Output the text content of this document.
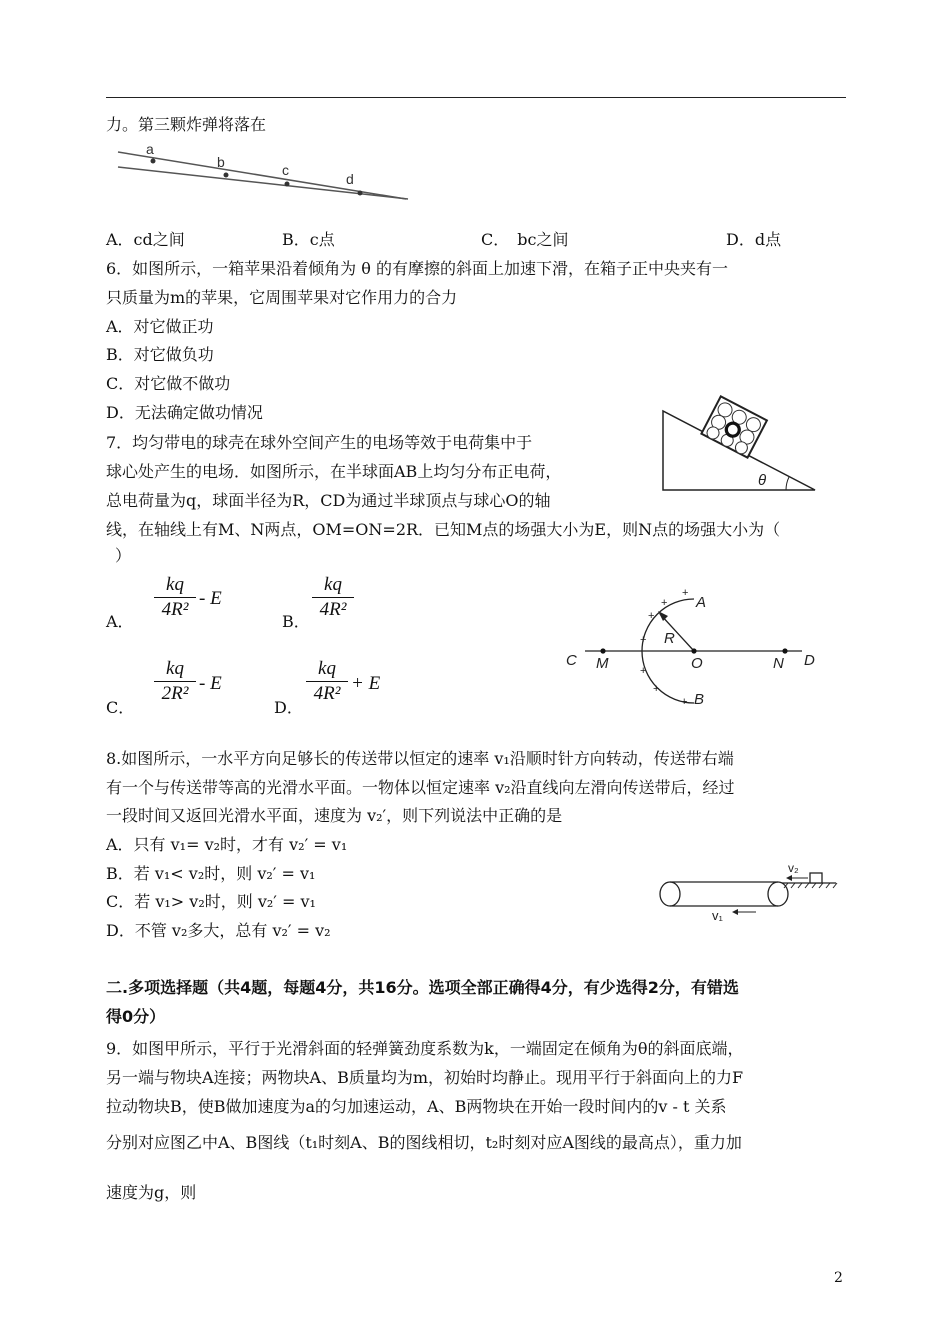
力。第三颗炸弹将落在
a
b	c
d
A．cd之间	B．c点	C．　bc之间	D．d点
6．如图所示，一箱苹果沿着倾角为 θ 的有摩擦的斜面上加速下滑，在箱子正中央夹有一
只质量为m的苹果，它周围苹果对它作用力的合力
A．对它做正功
B．对它做负功
C．对它做不做功
D．无法确定做功情况
θ
7．均匀带电的球壳在球外空间产生的电场等效于电荷集中于
球心处产生的电场．如图所示，在半球面AB上均匀分布正电荷，
总电荷量为q，球面半径为R，CD为通过半球顶点与球心O的轴
线，在轴线上有M、N两点，OM=ON=2R．已知M点的场强大小为E，则N点的场强大小为（
）
A．
kq
4R²
- E
B．
kq
4R²
C．
kq
2R² - E
D．
kq
4R² + E
A
B
C	D
M	O	N
R
+
+
+
+
+
+
+
8.如图所示，一水平方向足够长的传送带以恒定的速率 v₁沿顺时针方向转动，传送带右端
有一个与传送带等高的光滑水平面。一物体以恒定速率 v₂沿直线向左滑向传送带后，经过
一段时间又返回光滑水平面，速度为 v₂′，则下列说法中正确的是
A．只有 v₁= v₂时，才有 v₂′ = v₁
B．若 v₁< v₂时，则 v₂′ = v₁
C．若 v₁> v₂时，则 v₂′ = v₁
D．不管 v₂多大，总有 v₂′ = v₂
v₂
v₁
二.多项选择题（共4题，每题4分，共16分。选项全部正确得4分，有少选得2分，有错选
得0分）
9．如图甲所示，平行于光滑斜面的轻弹簧劲度系数为k，一端固定在倾角为θ的斜面底端，
另一端与物块A连接；两物块A、B质量均为m，初始时均静止。现用平行于斜面向上的力F
拉动物块B，使B做加速度为a的匀加速运动，A、B两物块在开始一段时间内的v - t 关系
分别对应图乙中A、B图线（t₁时刻A、B的图线相切，t₂时刻对应A图线的最高点），重力加
速度为g，则
2
